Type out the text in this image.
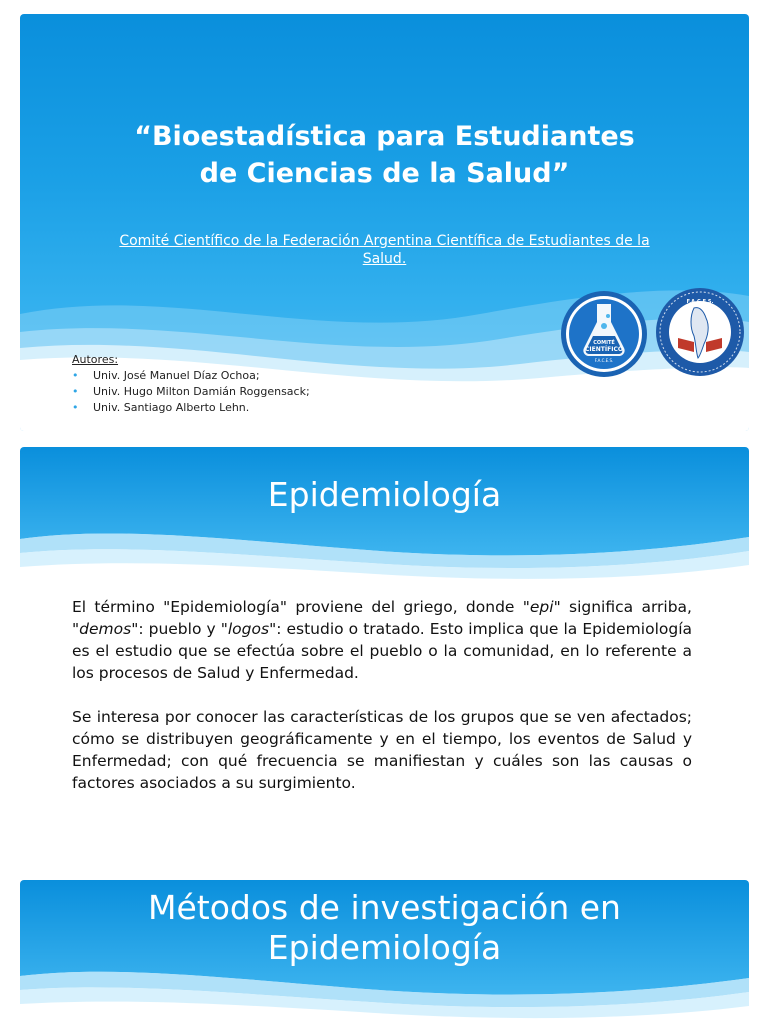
“Bioestadística para Estudiantes
de Ciencias de la Salud”
Comité Científico de la Federación Argentina Científica de Estudiantes de la Salud.
COMITÉ
CIENTÍFICO
F.A.C.E.S.
F.A.C.E.S.
Autores:
• Univ. José Manuel Díaz Ochoa;
• Univ. Hugo Milton Damián Roggensack;
• Univ. Santiago Alberto Lehn.
Epidemiología

El término "Epidemiología" proviene del griego, donde "epi" significa arriba, "demos": pueblo y "logos": estudio o tratado. Esto implica que la Epidemiología es el estudio que se efectúa sobre el pueblo o la comunidad, en lo referente a los procesos de Salud y Enfermedad.

Se interesa por conocer las características de los grupos que se ven afectados; cómo se distribuyen geográficamente y en el tiempo, los eventos de Salud y Enfermedad; con qué frecuencia se manifiestan y cuáles son las causas o factores asociados a su surgimiento.

Métodos de investigación en
Epidemiología
